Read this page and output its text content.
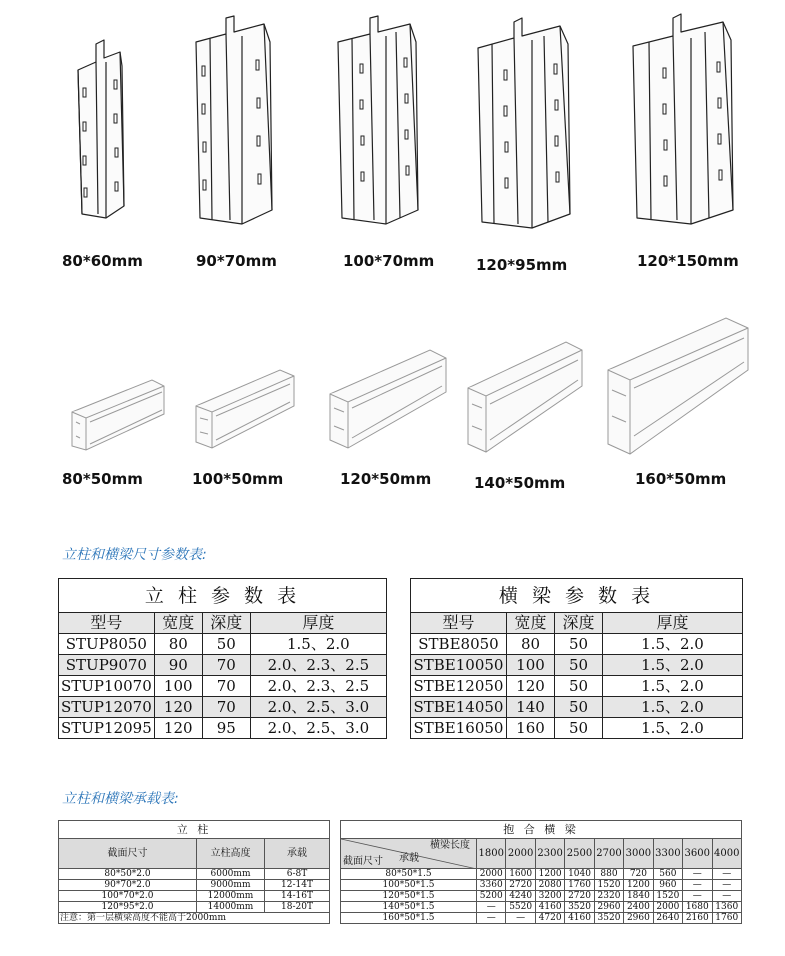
80*60mm	90*70mm	100*70mm	120*95mm	120*150mm
80*50mm	100*50mm	120*50mm	140*50mm	160*50mm
立柱和横梁尺寸参数表:
立 柱 参 数 表			
型号	宽度	深度	厚度
STUP8050	80	50	1.5、2.0
STUP9070	90	70	2.0、2.3、2.5
STUP10070	100	70	2.0、2.3、2.5
STUP12070	120	70	2.0、2.5、3.0
STUP12095	120	95	2.0、2.5、3.0
横 梁 参 数 表			
型号	宽度	深度	厚度
STBE8050	80	50	1.5、2.0
STBE10050	100	50	1.5、2.0
STBE12050	120	50	1.5、2.0
STBE14050	140	50	1.5、2.0
STBE16050	160	50	1.5、2.0
立柱和横梁承载表:
立 柱		
截面尺寸	立柱高度	承载
80*50*2.0	6000mm	6-8T
90*70*2.0	9000mm	12-14T
100*70*2.0	12000mm	14-16T
120*95*2.0	14000mm	18-20T
注意：第一层横梁高度不能高于2000mm		
抱 合 横 梁									

横梁长度
截面尺寸 承载	1800	2000	2300	2500	2700	3000	3300	3600	4000
80*50*1.5	2000	1600	1200	1040	880	720	560	—	—
100*50*1.5	3360	2720	2080	1760	1520	1200	960	—	—
120*50*1.5	5200	4240	3200	2720	2320	1840	1520	—	—
140*50*1.5	—	5520	4160	3520	2960	2400	2000	1680	1360
160*50*1.5	—	—	4720	4160	3520	2960	2640	2160	1760
